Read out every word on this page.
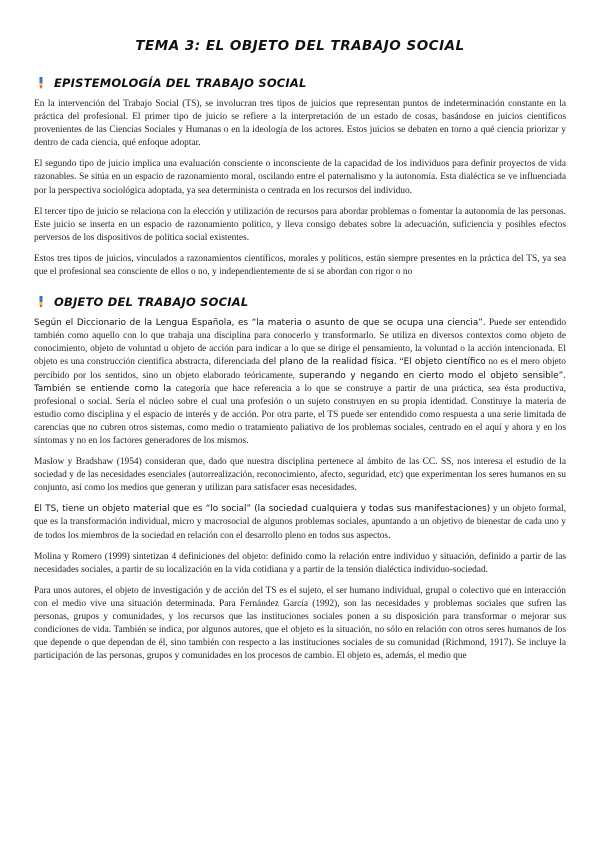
TEMA 3: EL OBJETO DEL TRABAJO SOCIAL
EPISTEMOLOGÍA DEL TRABAJO SOCIAL

En la intervención del Trabajo Social (TS), se involucran tres tipos de juicios que representan puntos de indeterminación constante en la práctica del profesional. El primer tipo de juicio se refiere a la interpretación de un estado de cosas, basándose en juicios científicos provenientes de las Ciencias Sociales y Humanas o en la ideología de los actores. Estos juicios se debaten en torno a qué ciencia priorizar y dentro de cada ciencia, qué enfoque adoptar.

El segundo tipo de juicio implica una evaluación consciente o inconsciente de la capacidad de los individuos para definir proyectos de vida razonables. Se sitúa en un espacio de razonamiento moral, oscilando entre el paternalismo y la autonomía. Esta dialéctica se ve influenciada por la perspectiva sociológica adoptada, ya sea determinista o centrada en los recursos del individuo.

El tercer tipo de juicio se relaciona con la elección y utilización de recursos para abordar problemas o fomentar la autonomía de las personas. Este juicio se inserta en un espacio de razonamiento político, y lleva consigo debates sobre la adecuación, suficiencia y posibles efectos perversos de los dispositivos de política social existentes.

Estos tres tipos de juicios, vinculados a razonamientos científicos, morales y políticos, están siempre presentes en la práctica del TS, ya sea que el profesional sea consciente de ellos o no, y independientemente de si se abordan con rigor o no

OBJETO DEL TRABAJO SOCIAL

Según el Diccionario de la Lengua Española, es “la materia o asunto de que se ocupa una ciencia”. Puede ser entendido también como aquello con lo que trabaja una disciplina para conocerlo y transformarlo. Se utiliza en diversos contextos como objeto de conocimiento, objeto de voluntad u objeto de acción para indicar a lo que se dirige el pensamiento, la voluntad o la acción intencionada. El objeto es una construcción científica abstracta, diferenciada del plano de la realidad física. “El objeto científico no es el mero objeto percibido por los sentidos, sino un objeto elaborado teóricamente, superando y negando en cierto modo el objeto sensible”. También se entiende como la categoría que hace referencia a lo que se construye a partir de una práctica, sea ésta productiva, profesional o social. Sería el núcleo sobre el cual una profesión o un sujeto construyen en su propia identidad. Constituye la materia de estudio como disciplina y el espacio de interés y de acción. Por otra parte, el TS puede ser entendido como respuesta a una serie limitada de carencias que no cubren otros sistemas, como medio o tratamiento paliativo de los problemas sociales, centrado en el aquí y ahora y en los síntomas y no en los factores generadores de los mismos.

Maslow y Bradshaw (1954) consideran que, dado que nuestra disciplina pertenece al ámbito de las CC. SS, nos interesa el estudio de la sociedad y de las necesidades esenciales (autorrealización, reconocimiento, afecto, seguridad, etc) que experimentan los seres humanos en su conjunto, así como los medios que generan y utilizan para satisfacer esas necesidades.

El TS, tiene un objeto material que es “lo social” (la sociedad cualquiera y todas sus manifestaciones) y un objeto formal, que es la transformación individual, micro y macrosocial de algunos problemas sociales, apuntando a un objetivo de bienestar de cada uno y de todos los miembros de la sociedad en relación con el desarrollo pleno en todos sus aspectos.

Molina y Romero (1999) sintetizan 4 definiciones del objeto: definido como la relación entre individuo y situación, definido a partir de las necesidades sociales, a partir de su localización en la vida cotidiana y a partir de la tensión dialéctica individuo-sociedad.

Para unos autores, el objeto de investigación y de acción del TS es el sujeto, el ser humano individual, grupal o colectivo que en interacción con el medio vive una situación determinada. Para Fernández García (1992), son las necesidades y problemas sociales que sufren las personas, grupos y comunidades, y los recursos que las instituciones sociales ponen a su disposición para transformar o mejorar sus condiciones de vida. También se indica, por algunos autores, que el objeto es la situación, no sólo en relación con otros seres humanos de los que depende o que dependan de él, sino también con respecto a las instituciones sociales de su comunidad (Richmond, 1917). Se incluye la participación de las personas, grupos y comunidades en los procesos de cambio. El objeto es, además, el medio que
